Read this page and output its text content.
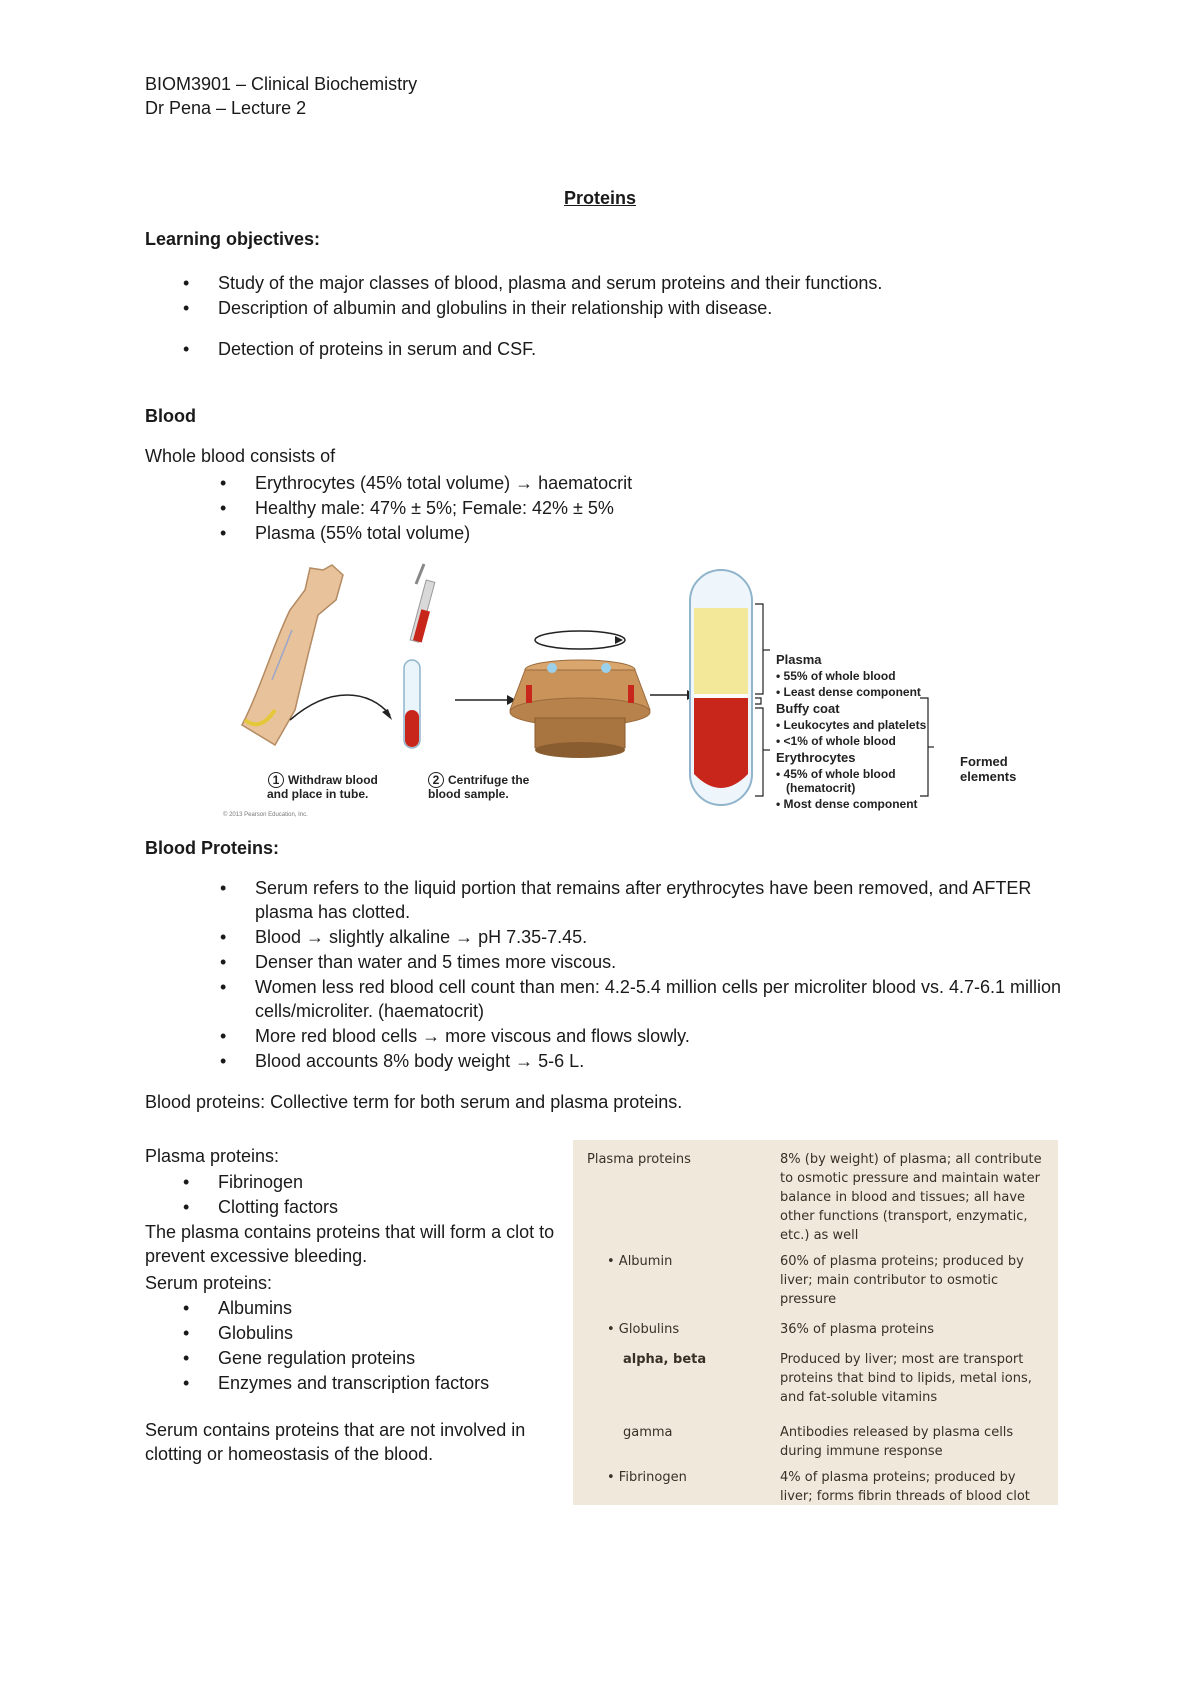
BIOM3901 – Clinical Biochemistry
Dr Pena – Lecture 2
Proteins
Learning objectives:
• Study of the major classes of blood, plasma and serum proteins and their functions.
• Description of albumin and globulins in their relationship with disease.
• Detection of proteins in serum and CSF.
Blood
Whole blood consists of
• Erythrocytes (45% total volume) → haematocrit
• Healthy male: 47% ± 5%; Female: 42% ± 5%
• Plasma (55% total volume)
1 Withdraw blood
and place in tube.
2 Centrifuge the
blood sample.
© 2013 Pearson Education, Inc.
Plasma
• 55% of whole blood
• Least dense component
Buffy coat
• Leukocytes and platelets
• <1% of whole blood
Erythrocytes
• 45% of whole blood
(hematocrit)
• Most dense component
Formed
elements
Blood Proteins:
• Serum refers to the liquid portion that remains after erythrocytes have been removed, and AFTER plasma has clotted.
• Blood → slightly alkaline → pH 7.35-7.45.
• Denser than water and 5 times more viscous.
• Women less red blood cell count than men: 4.2-5.4 million cells per microliter blood vs. 4.7-6.1 million cells/microliter. (haematocrit)
• More red blood cells → more viscous and flows slowly.
• Blood accounts 8% body weight → 5-6 L.
Blood proteins: Collective term for both serum and plasma proteins.
Plasma proteins:
• Fibrinogen
• Clotting factors
The plasma contains proteins that will form a clot to prevent excessive bleeding.
Serum proteins:
• Albumins
• Globulins
• Gene regulation proteins
• Enzymes and transcription factors
Serum contains proteins that are not involved in clotting or homeostasis of the blood.
Plasma proteins	8% (by weight) of plasma; all contribute to osmotic pressure and maintain water balance in blood and tissues; all have other functions (transport, enzymatic, etc.) as well
• Albumin	60% of plasma proteins; produced by liver; main contributor to osmotic pressure
• Globulins	36% of plasma proteins
alpha, beta	Produced by liver; most are transport proteins that bind to lipids, metal ions, and fat-soluble vitamins
gamma	Antibodies released by plasma cells during immune response
• Fibrinogen	4% of plasma proteins; produced by liver; forms fibrin threads of blood clot
